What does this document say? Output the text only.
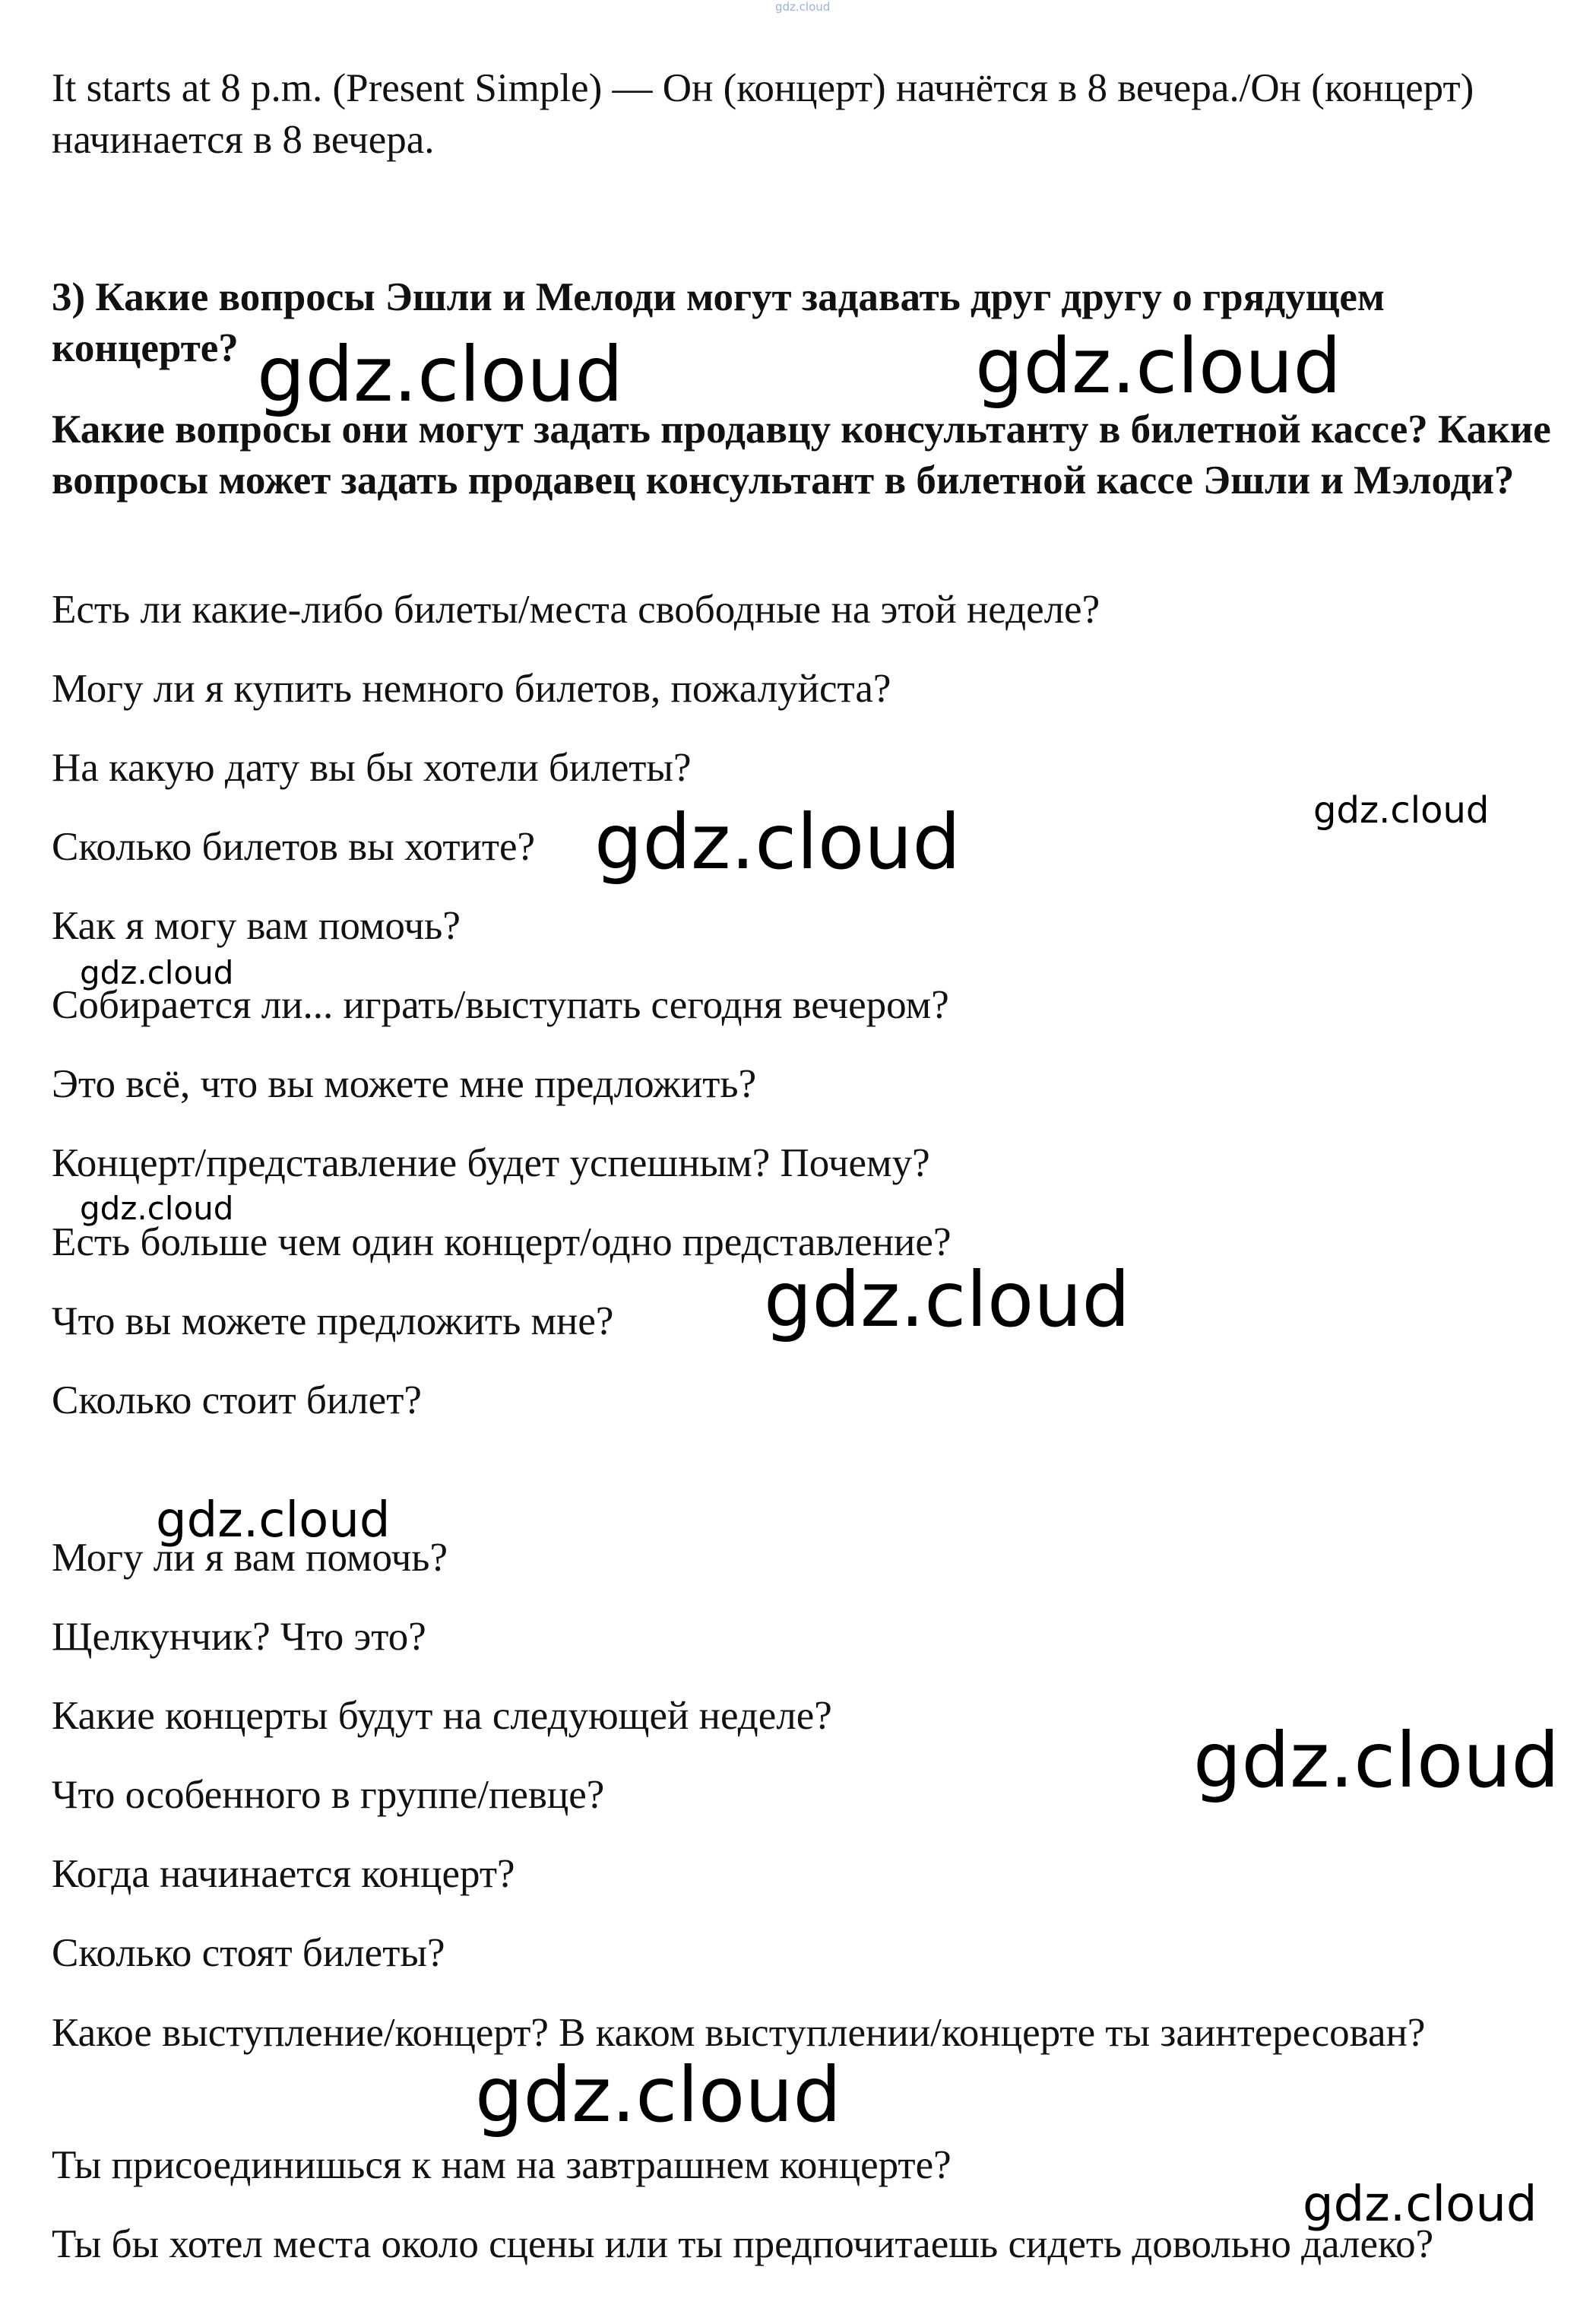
It starts at 8 p.m. (Present Simple) — Он (концерт) начнётся в 8 вечера./Он (концерт) начинается в 8 вечера.

3) Какие вопросы Эшли и Мелоди могут задавать друг другу о грядущем концерте?

Какие вопросы они могут задать продавцу консультанту в билетной кассе? Какие вопросы может задать продавец консультант в билетной кассе Эшли и Мэлоди?

Есть ли какие-либо билеты/места свободные на этой неделе?

Могу ли я купить немного билетов, пожалуйста?

На какую дату вы бы хотели билеты?

Сколько билетов вы хотите?

Как я могу вам помочь?

Собирается ли... играть/выступать сегодня вечером?

Это всё, что вы можете мне предложить?

Концерт/представление будет успешным? Почему?

Есть больше чем один концерт/одно представление?

Что вы можете предложить мне?

Сколько стоит билет?

Могу ли я вам помочь?

Щелкунчик? Что это?

Какие концерты будут на следующей неделе?

Что особенного в группе/певце?

Когда начинается концерт?

Сколько стоят билеты?

Какое выступление/концерт? В каком выступлении/концерте ты заинтересован?

Ты присоединишься к нам на завтрашнем концерте?

Ты бы хотел места около сцены или ты предпочитаешь сидеть довольно далеко?

gdz.cloud
gdz.cloud	gdz.cloud
gdz.cloud
gdz.cloud
gdz.cloud
gdz.cloud
gdz.cloud
gdz.cloud
gdz.cloud
gdz.cloud
gdz.cloud
